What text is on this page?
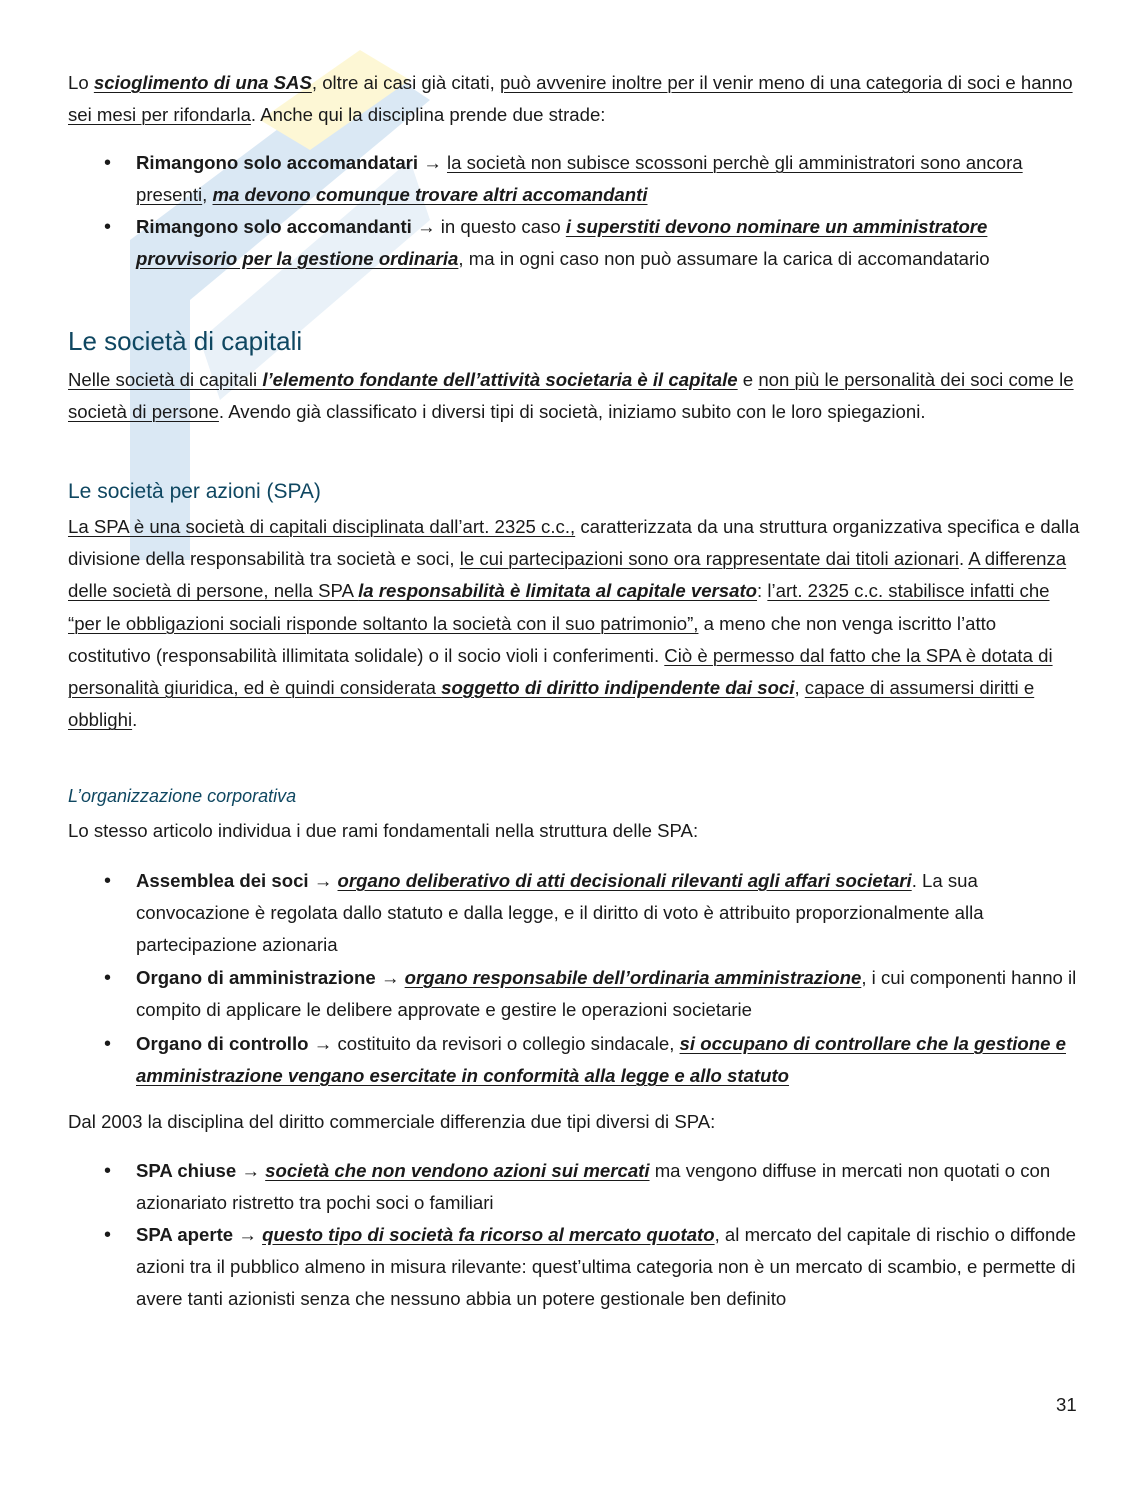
Lo scioglimento di una SAS, oltre ai casi già citati, può avvenire inoltre per il venir meno di una categoria di soci e hanno sei mesi per rifondarla. Anche qui la disciplina prende due strade:
• Rimangono solo accomandatari → la società non subisce scossoni perchè gli amministratori sono ancora presenti, ma devono comunque trovare altri accomandanti
• Rimangono solo accomandanti → in questo caso i superstiti devono nominare un amministratore provvisorio per la gestione ordinaria, ma in ogni caso non può assumare la carica di accomandatario
Le società di capitali
Nelle società di capitali l’elemento fondante dell’attività societaria è il capitale e non più le personalità dei soci come le società di persone. Avendo già classificato i diversi tipi di società, iniziamo subito con le loro spiegazioni.
Le società per azioni (SPA)
La SPA è una società di capitali disciplinata dall’art. 2325 c.c., caratterizzata da una struttura organizzativa specifica e dalla divisione della responsabilità tra società e soci, le cui partecipazioni sono ora rappresentate dai titoli azionari. A differenza delle società di persone, nella SPA la responsabilità è limitata al capitale versato: l’art. 2325 c.c. stabilisce infatti che “per le obbligazioni sociali risponde soltanto la società con il suo patrimonio”, a meno che non venga iscritto l’atto costitutivo (responsabilità illimitata solidale) o il socio violi i conferimenti. Ciò è permesso dal fatto che la SPA è dotata di personalità giuridica, ed è quindi considerata soggetto di diritto indipendente dai soci, capace di assumersi diritti e obblighi.
L’organizzazione corporativa
Lo stesso articolo individua i due rami fondamentali nella struttura delle SPA:
• Assemblea dei soci → organo deliberativo di atti decisionali rilevanti agli affari societari. La sua convocazione è regolata dallo statuto e dalla legge, e il diritto di voto è attribuito proporzionalmente alla partecipazione azionaria
• Organo di amministrazione → organo responsabile dell’ordinaria amministrazione, i cui componenti hanno il compito di applicare le delibere approvate e gestire le operazioni societarie
• Organo di controllo → costituito da revisori o collegio sindacale, si occupano di controllare che la gestione e amministrazione vengano esercitate in conformità alla legge e allo statuto
Dal 2003 la disciplina del diritto commerciale differenzia due tipi diversi di SPA:
• SPA chiuse → società che non vendono azioni sui mercati ma vengono diffuse in mercati non quotati o con azionariato ristretto tra pochi soci o familiari
• SPA aperte → questo tipo di società fa ricorso al mercato quotato, al mercato del capitale di rischio o diffonde azioni tra il pubblico almeno in misura rilevante: quest’ultima categoria non è un mercato di scambio, e permette di avere tanti azionisti senza che nessuno abbia un potere gestionale ben definito
31
